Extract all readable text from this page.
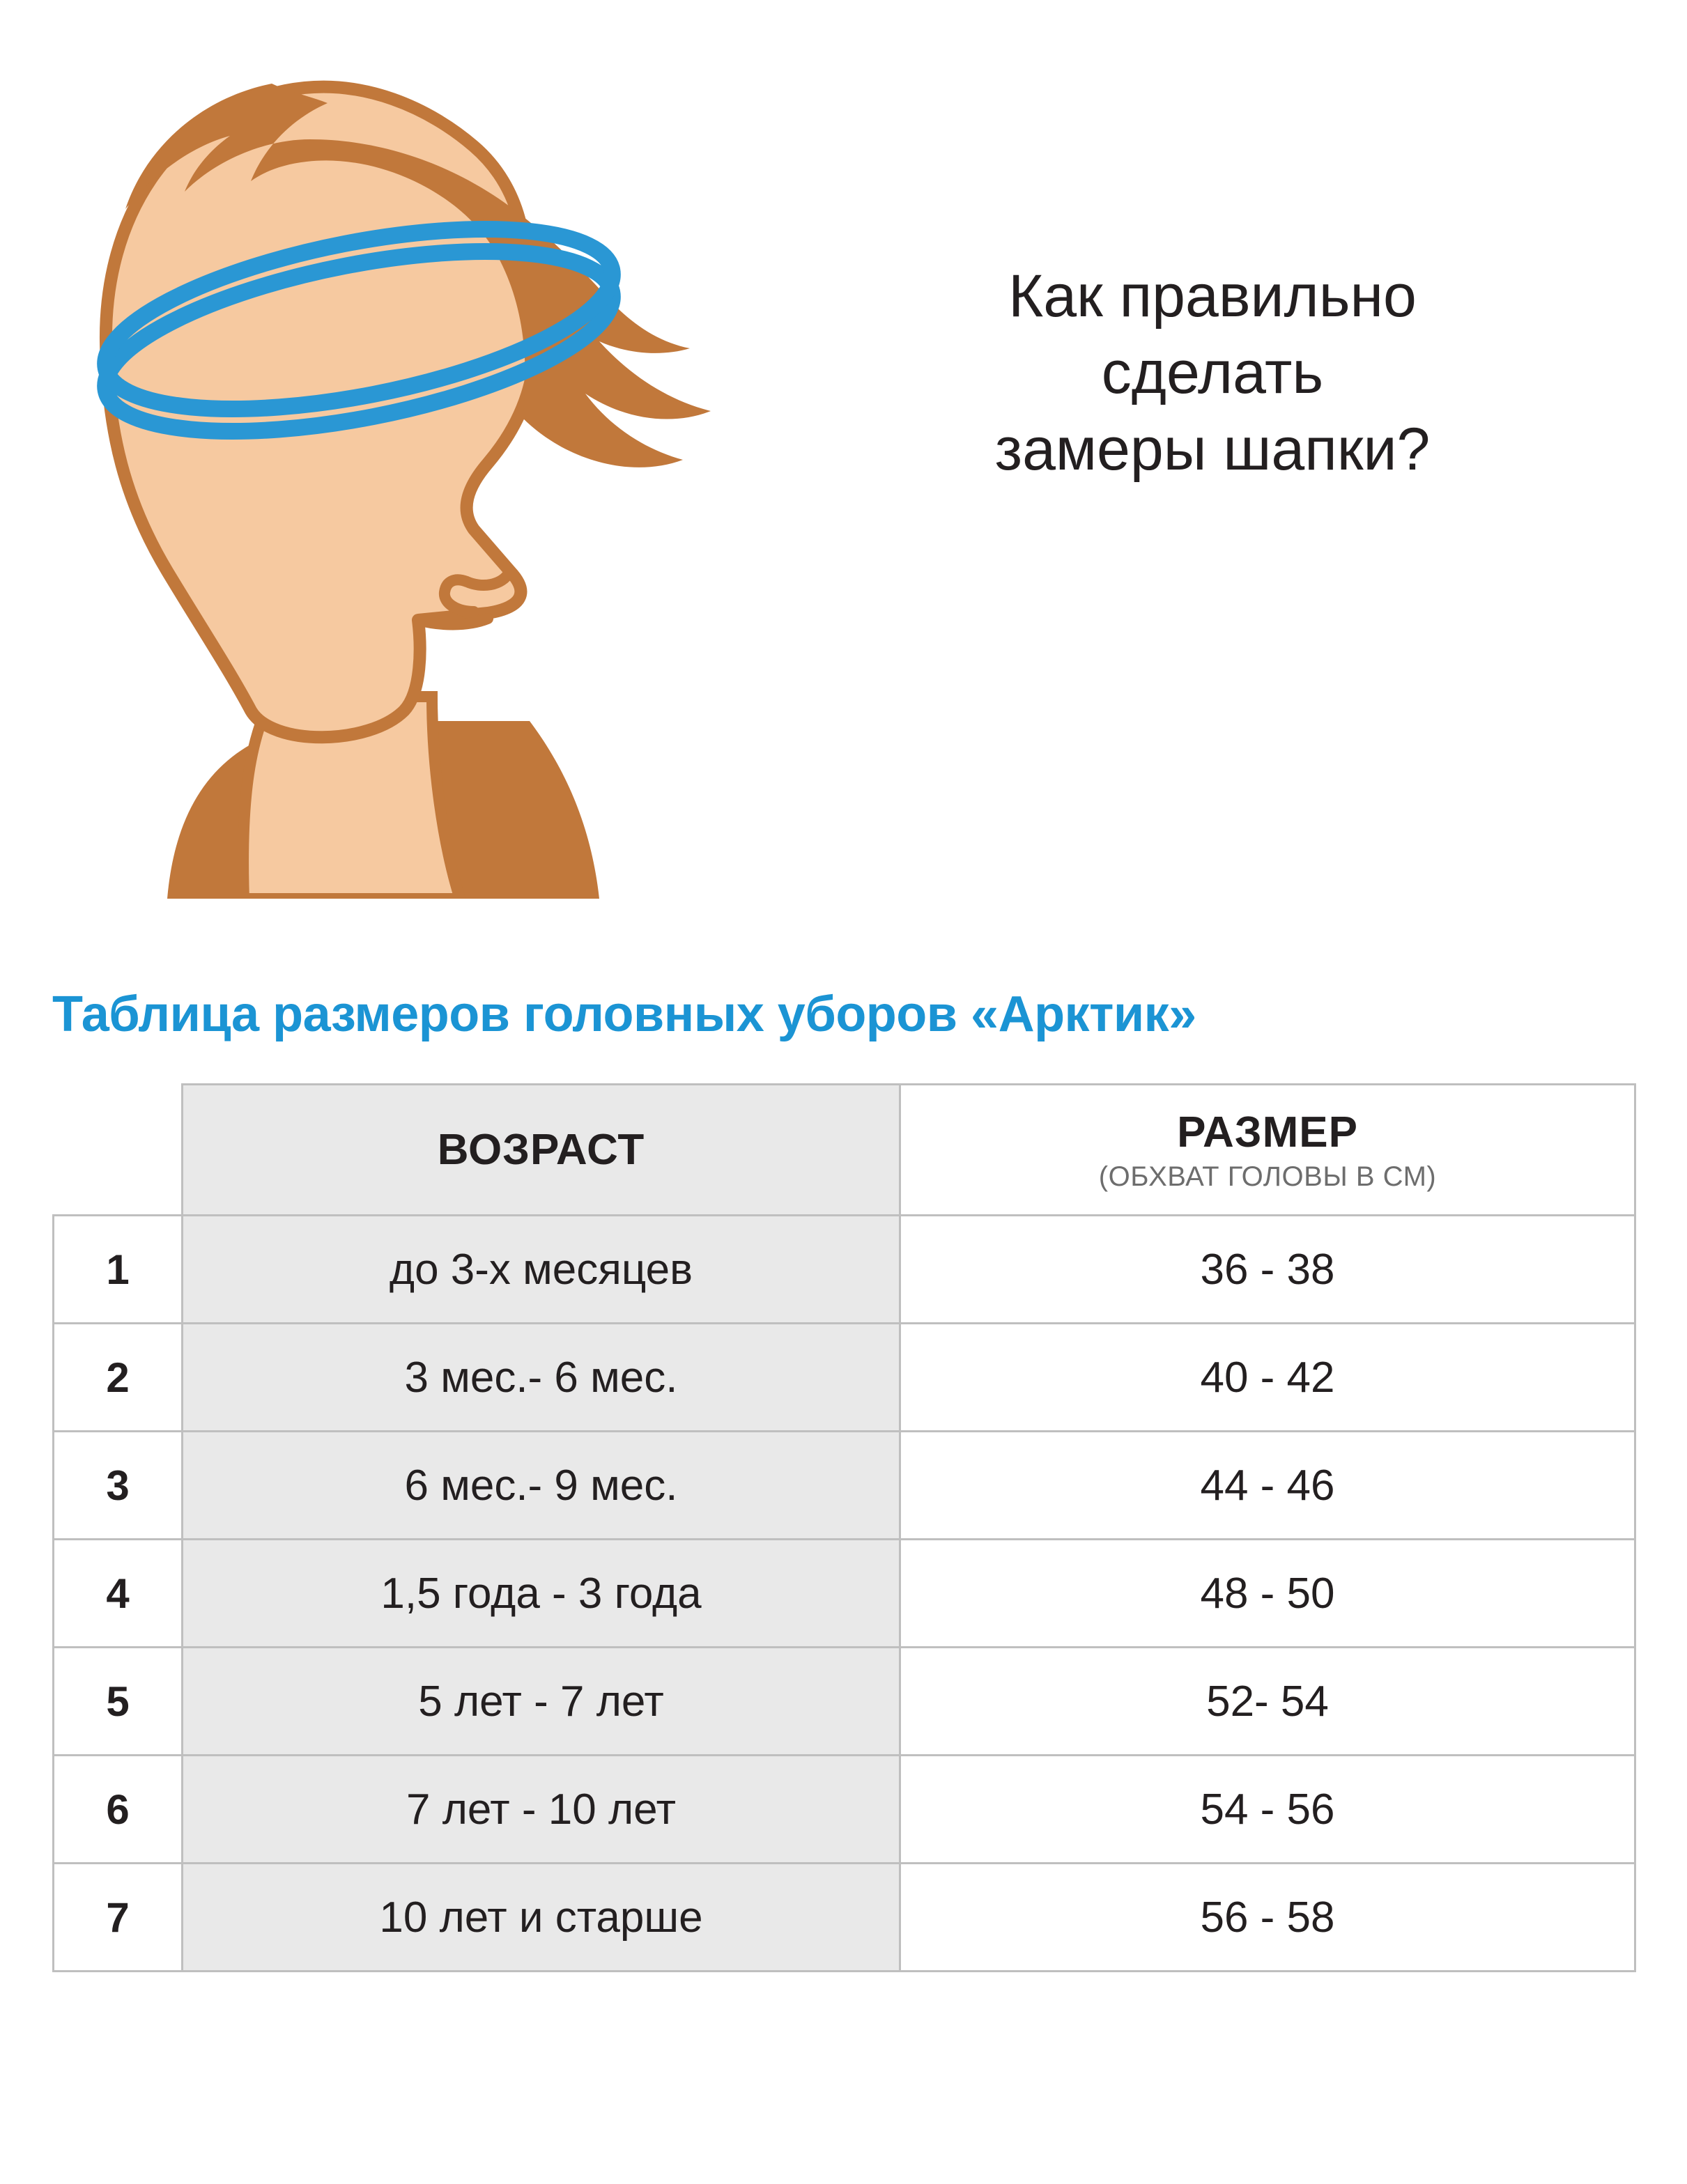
Как правильно
сделать
замеры шапки?
Таблица размеров головных уборов «Арктик»

	ВОЗРАСТ	РАЗМЕР
(ОБХВАТ ГОЛОВЫ В СМ)

1	до 3-х месяцев	36 - 38
2	3 мес.- 6 мес.	40 - 42
3	6 мес.- 9 мес.	44 - 46
4	1,5 года - 3 года	48 - 50
5	5 лет - 7 лет	52- 54
6	7 лет - 10 лет	54 - 56
7	10 лет и старше	56 - 58
